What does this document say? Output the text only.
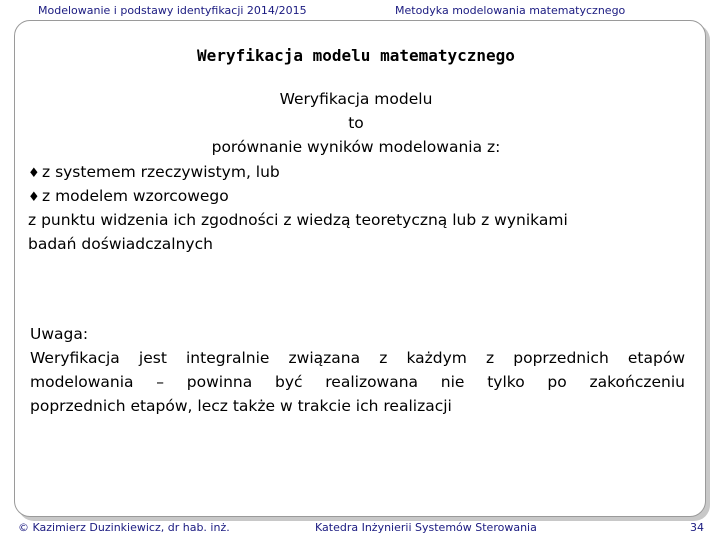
Modelowanie i podstawy identyfikacji 2014/2015	Metodyka modelowania matematycznego
Weryfikacja modelu matematycznego
Weryfikacja modelu
to
porównanie wyników modelowania z:
♦ z systemem rzeczywistym, lub
♦ z modelem wzorcowego
z punktu widzenia ich zgodności z wiedzą teoretyczną lub z wynikami
badań doświadczalnych
Uwaga:
Weryfikacja jest integralnie związana z każdym z poprzednich etapów
modelowania – powinna być realizowana nie tylko po zakończeniu
poprzednich etapów, lecz także w trakcie ich realizacji
© Kazimierz Duzinkiewicz, dr hab. inż.	Katedra Inżynierii Systemów Sterowania	34
